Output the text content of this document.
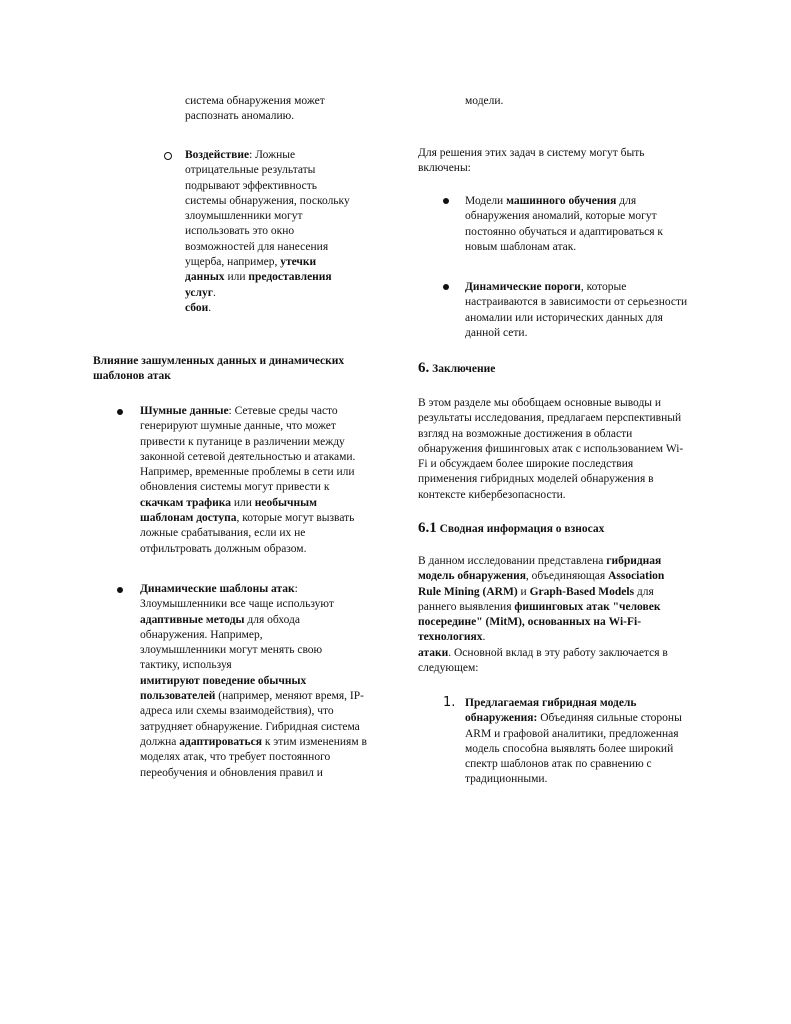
система обнаружения может
распознать аномалию.
Воздействие: Ложные
отрицательные результаты
подрывают эффективность
системы обнаружения, поскольку
злоумышленники могут
использовать это окно
возможностей для нанесения
ущерба, например, утечки
данных или предоставления
услуг.
сбои.
Влияние зашумленных данных и динамических
шаблонов атак
Шумные данные: Сетевые среды часто
генерируют шумные данные, что может
привести к путанице в различении между
законной сетевой деятельностью и атаками.
Например, временные проблемы в сети или
обновления системы могут привести к
скачкам трафика или необычным
шаблонам доступа, которые могут вызвать
ложные срабатывания, если их не
отфильтровать должным образом.
Динамические шаблоны атак:
Злоумышленники все чаще используют
адаптивные методы для обхода
обнаружения. Например,
злоумышленники могут менять свою
тактику, используя
имитируют поведение обычных
пользователей (например, меняют время, IP-
адреса или схемы взаимодействия), что
затрудняет обнаружение. Гибридная система
должна адаптироваться к этим изменениям в
моделях атак, что требует постоянного
переобучения и обновления правил и
модели.
Для решения этих задач в систему могут быть
включены:
Модели машинного обучения для
обнаружения аномалий, которые могут
постоянно обучаться и адаптироваться к
новым шаблонам атак.
Динамические пороги, которые
настраиваются в зависимости от серьезности
аномалии или исторических данных для
данной сети.
6. Заключение
В этом разделе мы обобщаем основные выводы и
результаты исследования, предлагаем перспективный
взгляд на возможные достижения в области
обнаружения фишинговых атак с использованием Wi-
Fi и обсуждаем более широкие последствия
применения гибридных моделей обнаружения в
контексте кибербезопасности.
6.1 Сводная информация о взносах
В данном исследовании представлена гибридная
модель обнаружения, объединяющая Association
Rule Mining (ARM) и Graph-Based Models для
раннего выявления фишинговых атак "человек
посередине" (MitM), основанных на Wi-Fi-
технологиях.
атаки. Основной вклад в эту работу заключается в
следующем:
1. Предлагаемая гибридная модель
обнаружения: Объединяя сильные стороны
ARM и графовой аналитики, предложенная
модель способна выявлять более широкий
спектр шаблонов атак по сравнению с
традиционными.
